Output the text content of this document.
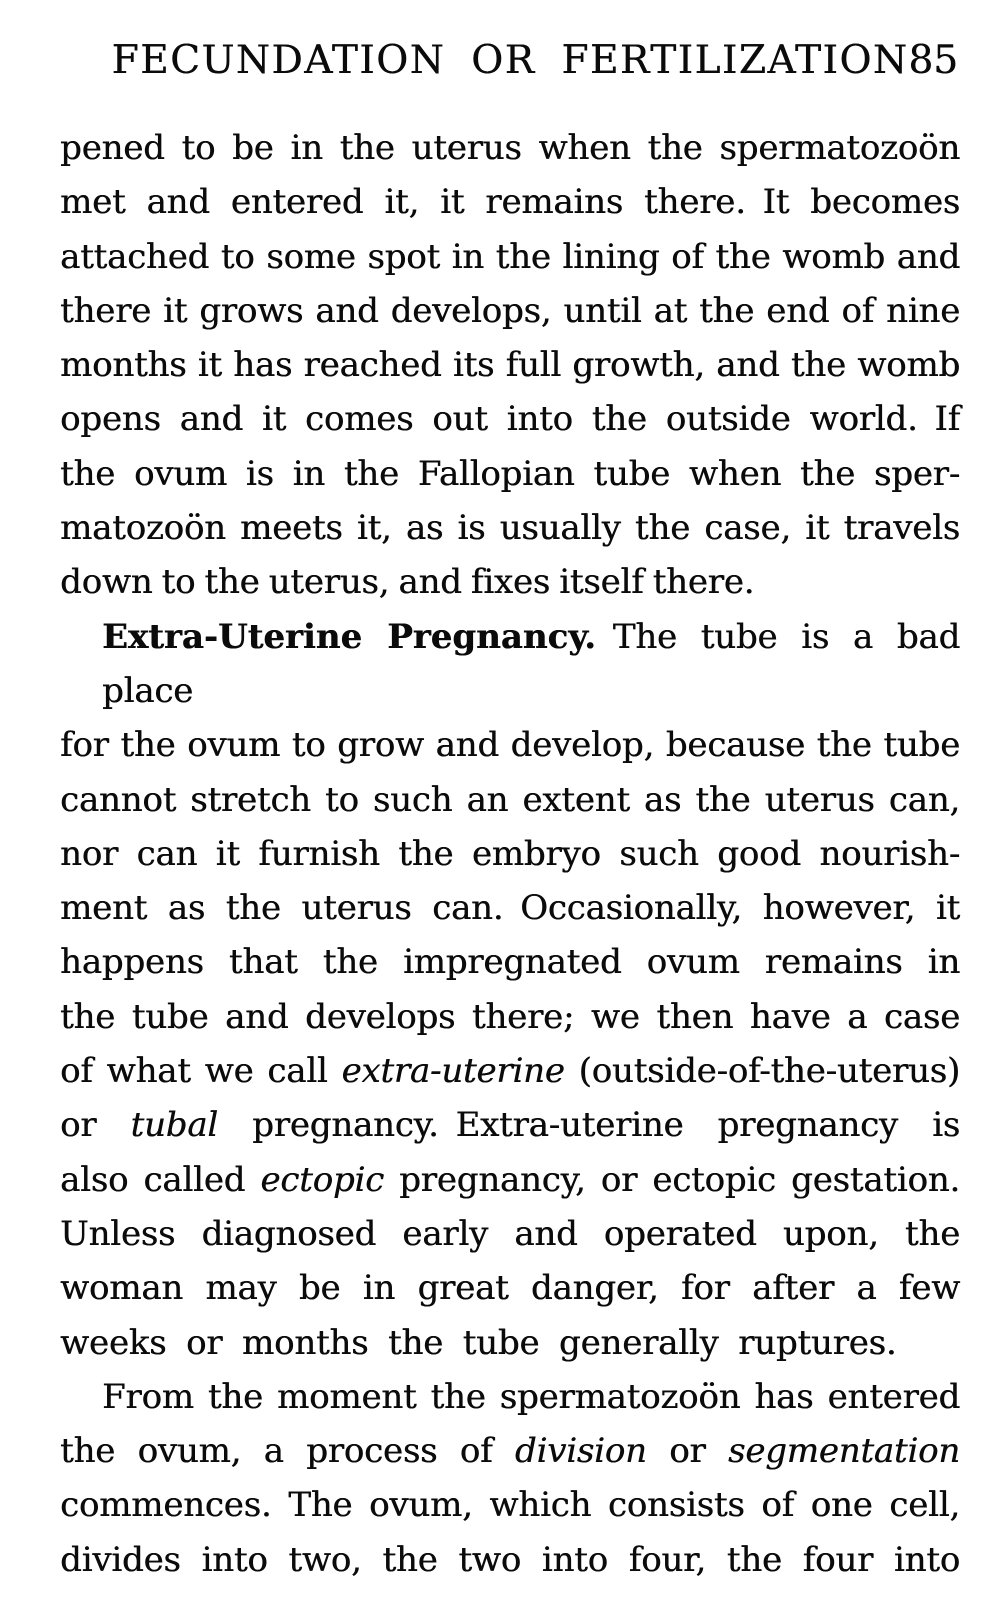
FECUNDATION OR FERTILIZATION 85
pened to be in the uterus when the spermatozoön
met and entered it, it remains there. It becomes
attached to some spot in the lining of the womb and
there it grows and develops, until at the end of nine
months it has reached its full growth, and the womb
opens and it comes out into the outside world. If
the ovum is in the Fallopian tube when the sper-
matozoön meets it, as is usually the case, it travels
down to the uterus, and fixes itself there.
Extra-Uterine Pregnancy. The tube is a bad place
for the ovum to grow and develop, because the tube
cannot stretch to such an extent as the uterus can,
nor can it furnish the embryo such good nourish-
ment as the uterus can. Occasionally, however, it
happens that the impregnated ovum remains in
the tube and develops there; we then have a case
of what we call extra-uterine (outside-of-the-uterus)
or tubal pregnancy. Extra-uterine pregnancy is
also called ectopic pregnancy, or ectopic gestation.
Unless diagnosed early and operated upon, the
woman may be in great danger, for after a few
weeks or months the tube generally ruptures.
From the moment the spermatozoön has entered
the ovum, a process of division or segmentation
commences. The ovum, which consists of one cell,
divides into two, the two into four, the four into
